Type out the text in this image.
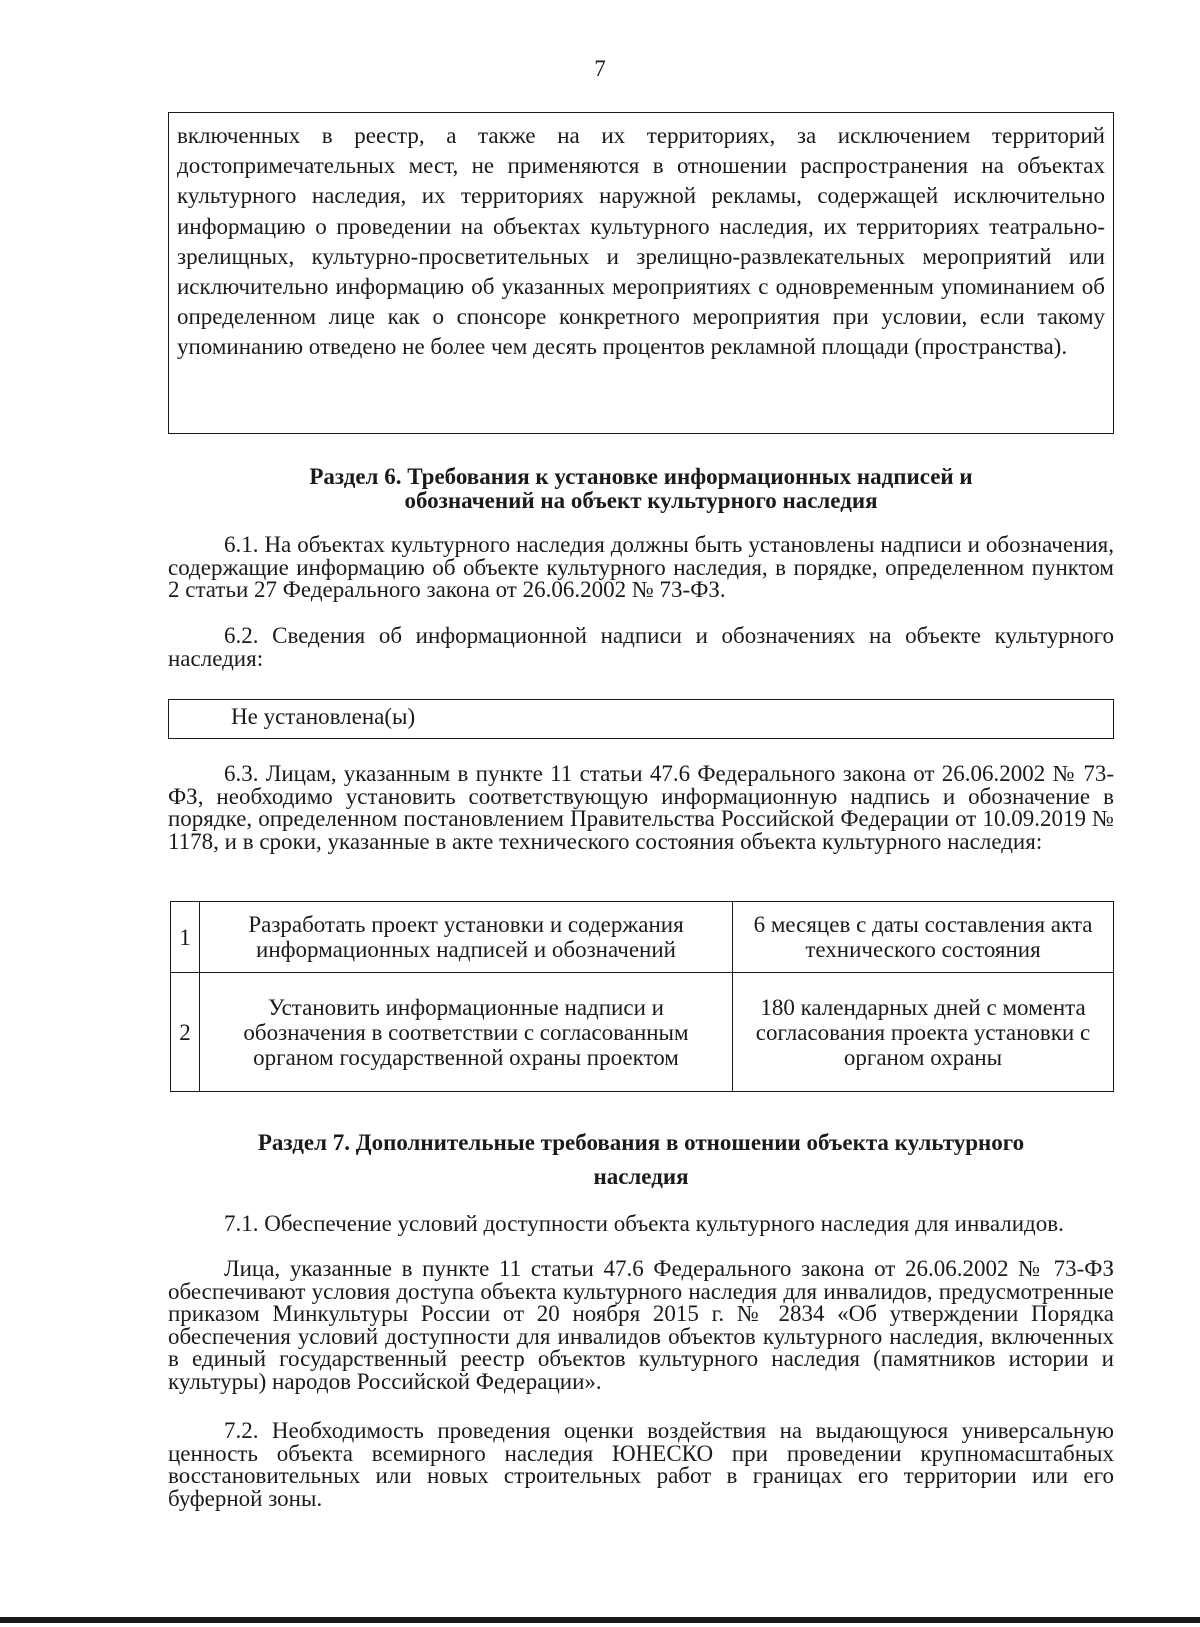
7
включенных в реестр, а также на их территориях, за исключением территорий достопримечательных мест, не применяются в отношении распространения на объектах культурного наследия, их территориях наружной рекламы, содержащей исключительно информацию о проведении на объектах культурного наследия, их территориях театрально-зрелищных, культурно-просветительных и зрелищно-развлекательных мероприятий или исключительно информацию об указанных мероприятиях с одновременным упоминанием об определенном лице как о спонсоре конкретного мероприятия при условии, если такому упоминанию отведено не более чем десять процентов рекламной площади (пространства).
Раздел 6. Требования к установке информационных надписей и
обозначений на объект культурного наследия
6.1. На объектах культурного наследия должны быть установлены надписи и обозначения, содержащие информацию об объекте культурного наследия, в порядке, определенном пунктом 2 статьи 27 Федерального закона от 26.06.2002 № 73-ФЗ.
6.2. Сведения об информационной надписи и обозначениях на объекте культурного наследия:
Не установлена(ы)
6.3. Лицам, указанным в пункте 11 статьи 47.6 Федерального закона от 26.06.2002 № 73-ФЗ, необходимо установить соответствующую информационную надпись и обозначение в порядке, определенном постановлением Правительства Российской Федерации от 10.09.2019 № 1178, и в сроки, указанные в акте технического состояния объекта культурного наследия:
1	Разработать проект установки и содержания информационных надписей и обозначений	6 месяцев с даты составления акта технического состояния
2	Установить информационные надписи и обозначения в соответствии с согласованным органом государственной охраны проектом	180 календарных дней с момента согласования проекта установки с органом охраны
Раздел 7. Дополнительные требования в отношении объекта культурного
наследия
7.1. Обеспечение условий доступности объекта культурного наследия для инвалидов.
Лица, указанные в пункте 11 статьи 47.6 Федерального закона от 26.06.2002 № 73-ФЗ обеспечивают условия доступа объекта культурного наследия для инвалидов, предусмотренные приказом Минкультуры России от 20 ноября 2015 г. № 2834 «Об утверждении Порядка обеспечения условий доступности для инвалидов объектов культурного наследия, включенных в единый государственный реестр объектов культурного наследия (памятников истории и культуры) народов Российской Федерации».
7.2. Необходимость проведения оценки воздействия на выдающуюся универсальную ценность объекта всемирного наследия ЮНЕСКО при проведении крупномасштабных восстановительных или новых строительных работ в границах его территории или его буферной зоны.
